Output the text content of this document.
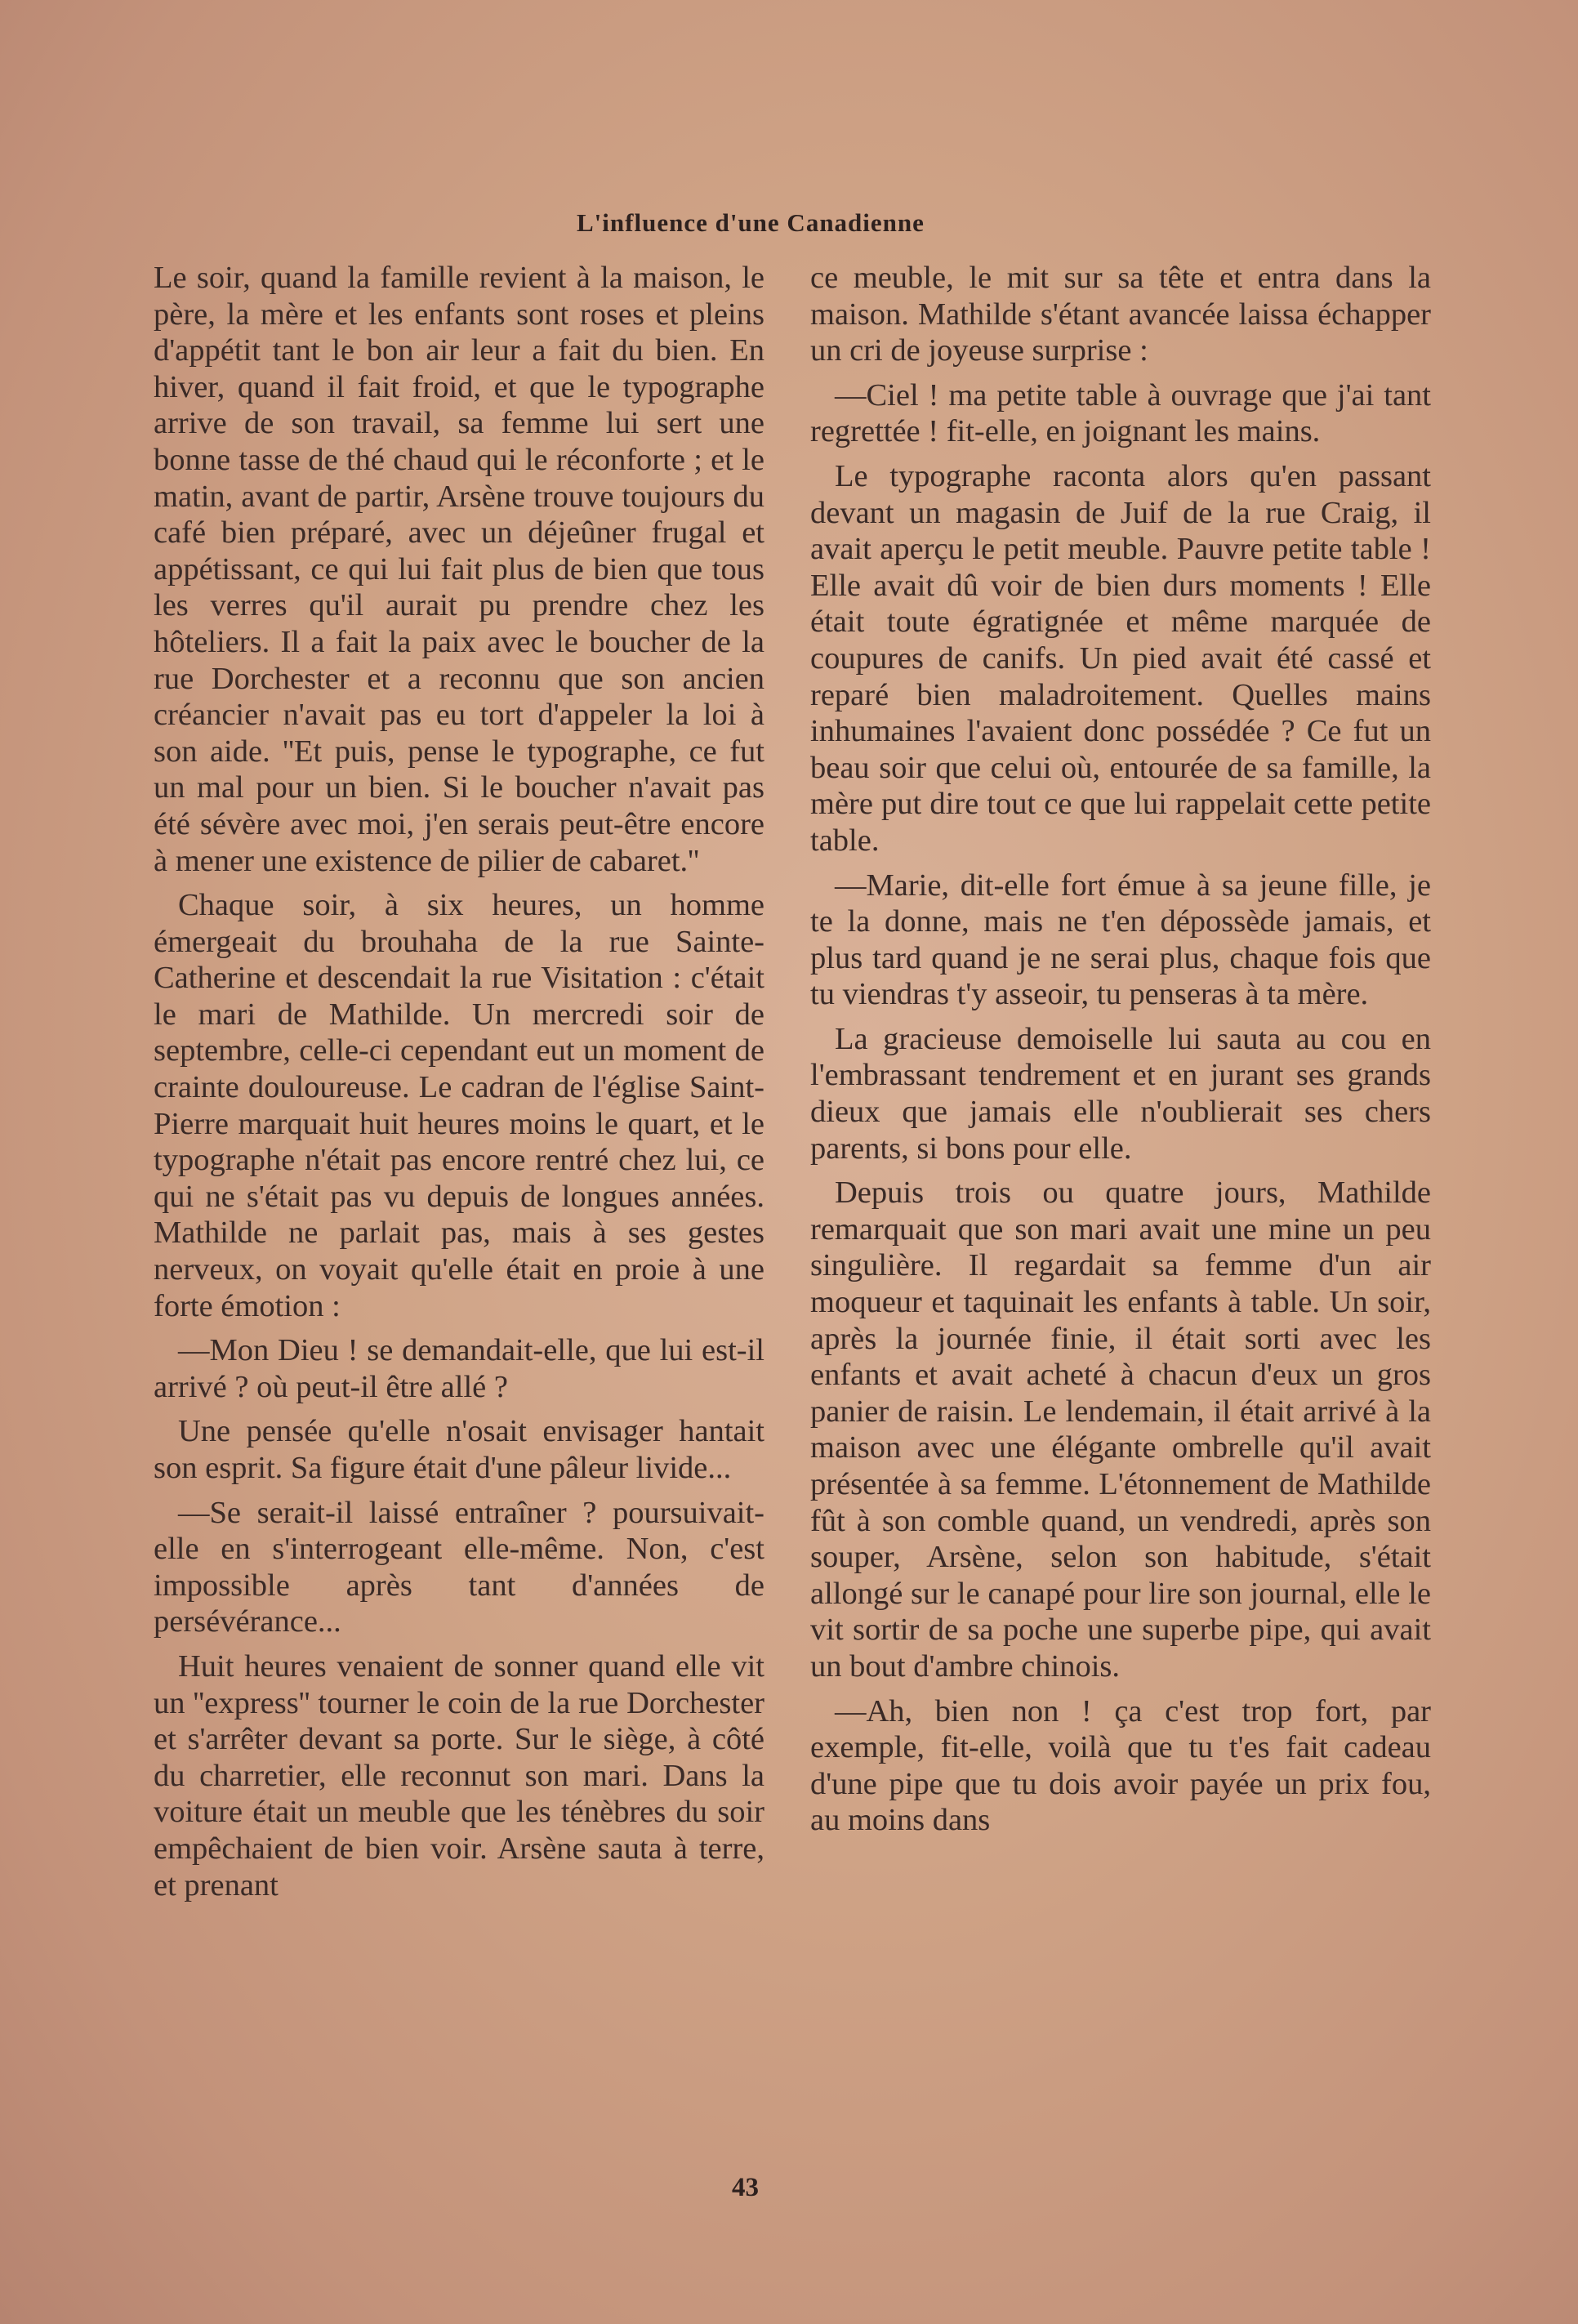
L'influence d'une Canadienne

Le soir, quand la famille revient à la maison, le père, la mère et les enfants sont roses et pleins d'appétit tant le bon air leur a fait du bien. En hiver, quand il fait froid, et que le typographe arrive de son travail, sa femme lui sert une bonne tasse de thé chaud qui le réconforte ; et le matin, avant de partir, Arsène trouve toujours du café bien préparé, avec un déjeûner frugal et appétissant, ce qui lui fait plus de bien que tous les verres qu'il aurait pu prendre chez les hôteliers. Il a fait la paix avec le boucher de la rue Dorchester et a reconnu que son ancien créancier n'avait pas eu tort d'appeler la loi à son aide. ''Et puis, pense le typographe, ce fut un mal pour un bien. Si le boucher n'avait pas été sévère avec moi, j'en serais peut-être encore à mener une existence de pilier de cabaret.''

Chaque soir, à six heures, un homme émergeait du brouhaha de la rue Sainte-Catherine et descendait la rue Visitation : c'était le mari de Mathilde. Un mercredi soir de septembre, celle-ci cependant eut un moment de crainte douloureuse. Le cadran de l'église Saint-Pierre marquait huit heures moins le quart, et le typographe n'était pas encore rentré chez lui, ce qui ne s'était pas vu depuis de longues années. Mathilde ne parlait pas, mais à ses gestes nerveux, on voyait qu'elle était en proie à une forte émotion :

—Mon Dieu ! se demandait-elle, que lui est-il arrivé ? où peut-il être allé ?

Une pensée qu'elle n'osait envisager hantait son esprit. Sa figure était d'une pâleur livide...

—Se serait-il laissé entraîner ? poursuivait-elle en s'interrogeant elle-même. Non, c'est impossible après tant d'années de persévérance...

Huit heures venaient de sonner quand elle vit un ''express'' tourner le coin de la rue Dorchester et s'arrêter devant sa porte. Sur le siège, à côté du charretier, elle reconnut son mari. Dans la voiture était un meuble que les ténèbres du soir empêchaient de bien voir. Arsène sauta à terre, et prenant

ce meuble, le mit sur sa tête et entra dans la maison. Mathilde s'étant avancée laissa échapper un cri de joyeuse surprise :

—Ciel ! ma petite table à ouvrage que j'ai tant regrettée ! fit-elle, en joignant les mains.

Le typographe raconta alors qu'en passant devant un magasin de Juif de la rue Craig, il avait aperçu le petit meuble. Pauvre petite table ! Elle avait dû voir de bien durs moments ! Elle était toute égratignée et même marquée de coupures de canifs. Un pied avait été cassé et reparé bien maladroitement. Quelles mains inhumaines l'avaient donc possédée ? Ce fut un beau soir que celui où, entourée de sa famille, la mère put dire tout ce que lui rappelait cette petite table.

—Marie, dit-elle fort émue à sa jeune fille, je te la donne, mais ne t'en dépossède jamais, et plus tard quand je ne serai plus, chaque fois que tu viendras t'y asseoir, tu penseras à ta mère.

La gracieuse demoiselle lui sauta au cou en l'embrassant tendrement et en jurant ses grands dieux que jamais elle n'oublierait ses chers parents, si bons pour elle.

Depuis trois ou quatre jours, Mathilde remarquait que son mari avait une mine un peu singulière. Il regardait sa femme d'un air moqueur et taquinait les enfants à table. Un soir, après la journée finie, il était sorti avec les enfants et avait acheté à chacun d'eux un gros panier de raisin. Le lendemain, il était arrivé à la maison avec une élégante ombrelle qu'il avait présentée à sa femme. L'étonnement de Mathilde fût à son comble quand, un vendredi, après son souper, Arsène, selon son habitude, s'était allongé sur le canapé pour lire son journal, elle le vit sortir de sa poche une superbe pipe, qui avait un bout d'ambre chinois.

—Ah, bien non ! ça c'est trop fort, par exemple, fit-elle, voilà que tu t'es fait cadeau d'une pipe que tu dois avoir payée un prix fou, au moins dans

43
